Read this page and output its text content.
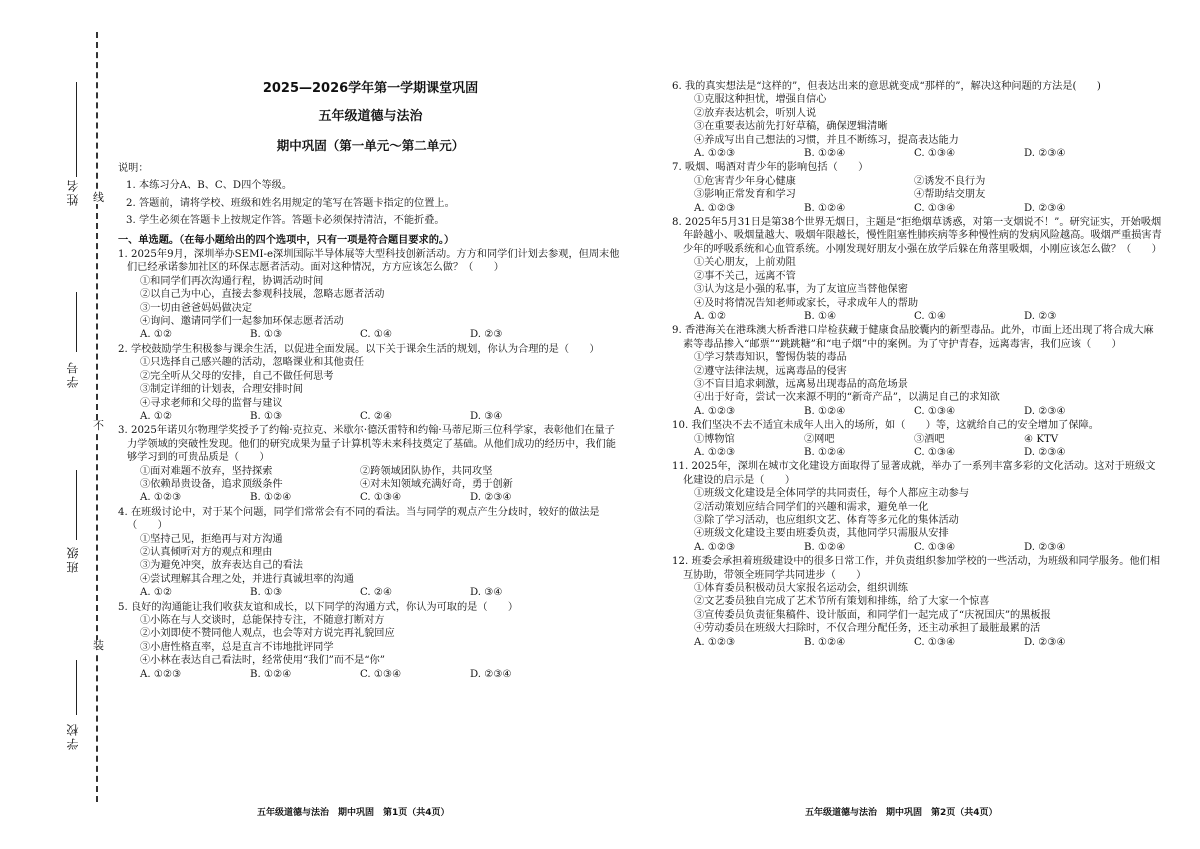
姓名
学号
班级
学校
线
不
装
2025—2026学年第一学期课堂巩固
五年级道德与法治
期中巩固（第一单元～第二单元）
说明：
1. 本练习分A、B、C、D四个等级。
2. 答题前，请将学校、班级和姓名用规定的笔写在答题卡指定的位置上。
3. 学生必须在答题卡上按规定作答。答题卡必须保持清洁，不能折叠。
一、单选题。（在每小题给出的四个选项中，只有一项是符合题目要求的。）
1. 2025年9月，深圳举办SEMI-e深圳国际半导体展等大型科技创新活动。方方和同学们计划去参观，但周末他们已经承诺参加社区的环保志愿者活动。面对这种情况，方方应该怎么做？（　　）
①和同学们再次沟通行程，协调活动时间
②以自己为中心，直接去参观科技展，忽略志愿者活动
③一切由爸爸妈妈做决定
④询问、邀请同学们一起参加环保志愿者活动
A. ①②	B. ①③	C. ①④	D. ②③
2. 学校鼓励学生积极参与课余生活，以促进全面发展。以下关于课余生活的规划，你认为合理的是（　　）
①只选择自己感兴趣的活动，忽略课业和其他责任
②完全听从父母的安排，自己不做任何思考
③制定详细的计划表，合理安排时间
④寻求老师和父母的监督与建议
A. ①②	B. ①③	C. ②④	D. ③④
3. 2025年诺贝尔物理学奖授予了约翰·克拉克、米歇尔·德沃雷特和约翰·马蒂尼斯三位科学家，表彰他们在量子力学领域的突破性发现。他们的研究成果为量子计算机等未来科技奠定了基础。从他们成功的经历中，我们能够学习到的可贵品质是（　　）
①面对难题不放弃，坚持探索	②跨领域团队协作，共同攻坚
③依赖昂贵设备，追求顶级条件	④对未知领域充满好奇，勇于创新
A. ①②③	B. ①②④	C. ①③④	D. ②③④
4. 在班级讨论中，对于某个问题，同学们常常会有不同的看法。当与同学的观点产生分歧时，较好的做法是（　　）
①坚持己见，拒绝再与对方沟通
②认真倾听对方的观点和理由
③为避免冲突，放弃表达自己的看法
④尝试理解其合理之处，并进行真诚坦率的沟通
A. ①②	B. ①③	C. ②④	D. ③④
5. 良好的沟通能让我们收获友谊和成长，以下同学的沟通方式，你认为可取的是（　　）
①小陈在与人交谈时，总能保持专注，不随意打断对方
②小刘即使不赞同他人观点，也会等对方说完再礼貌回应
③小唐性格直率，总是直言不讳地批评同学
④小林在表达自己看法时，经常使用“我们”而不是“你”
A. ①②③	B. ①②④	C. ①③④	D. ②③④
6. 我的真实想法是“这样的”，但表达出来的意思就变成“那样的”，解决这种问题的方法是(　　)
①克服这种担忧，增强自信心
②放弃表达机会，听别人说
③在重要表达前先打好草稿，确保逻辑清晰
④养成写出自己想法的习惯，并且不断练习，提高表达能力
A. ①②③	B. ①②④	C. ①③④	D. ②③④
7. 吸烟、喝酒对青少年的影响包括（　　）
①危害青少年身心健康	②诱发不良行为
③影响正常发育和学习	④帮助结交朋友
A. ①②③	B. ①②④	C. ①③④	D. ②③④
8. 2025年5月31日是第38个世界无烟日，主题是“拒绝烟草诱惑，对第一支烟说不！”。研究证实，开始吸烟年龄越小、吸烟量越大、吸烟年限越长，慢性阻塞性肺疾病等多种慢性病的发病风险越高。吸烟严重损害青少年的呼吸系统和心血管系统。小刚发现好朋友小强在放学后躲在角落里吸烟，小刚应该怎么做？（　　）
①关心朋友，上前劝阻
②事不关己，远离不管
③认为这是小强的私事，为了友谊应当替他保密
④及时将情况告知老师或家长，寻求成年人的帮助
A. ①②	B. ①④	C. ①④	D. ②③
9. 香港海关在港珠澳大桥香港口岸检获藏于健康食品胶囊内的新型毒品。此外，市面上还出现了将合成大麻素等毒品掺入“邮票”“跳跳糖”和“电子烟”中的案例。为了守护青春，远离毒害，我们应该（　　）
①学习禁毒知识，警惕伪装的毒品
②遵守法律法规，远离毒品的侵害
③不盲目追求刺激，远离易出现毒品的高危场景
④出于好奇，尝试一次来源不明的“新奇产品”，以满足自己的求知欲
A. ①②③	B. ①②④	C. ①③④	D. ②③④
10. 我们坚决不去不适宜未成年人出入的场所，如（　　）等，这就给自己的安全增加了保障。
①博物馆	②网吧	③酒吧	④ KTV
A. ①②③	B. ①②④	C. ①③④	D. ②③④
11. 2025年，深圳在城市文化建设方面取得了显著成就，举办了一系列丰富多彩的文化活动。这对于班级文化建设的启示是（　　）
①班级文化建设是全体同学的共同责任，每个人都应主动参与
②活动策划应结合同学们的兴趣和需求，避免单一化
③除了学习活动，也应组织文艺、体育等多元化的集体活动
④班级文化建设主要由班委负责，其他同学只需服从安排
A. ①②③	B. ①②④	C. ①③④	D. ②③④
12. 班委会承担着班级建设中的很多日常工作，并负责组织参加学校的一些活动，为班级和同学服务。他们相互协助，带领全班同学共同进步（　　）
①体育委员积极动员大家报名运动会，组织训练
②文艺委员独自完成了艺术节所有策划和排练，给了大家一个惊喜
③宣传委员负责征集稿件、设计版面，和同学们一起完成了“庆祝国庆”的黑板报
④劳动委员在班级大扫除时，不仅合理分配任务，还主动承担了最脏最累的活
A. ①②③	B. ①②④	C. ①③④	D. ②③④
五年级道德与法治　期中巩固　第1页（共4页）	五年级道德与法治　期中巩固　第2页（共4页）
